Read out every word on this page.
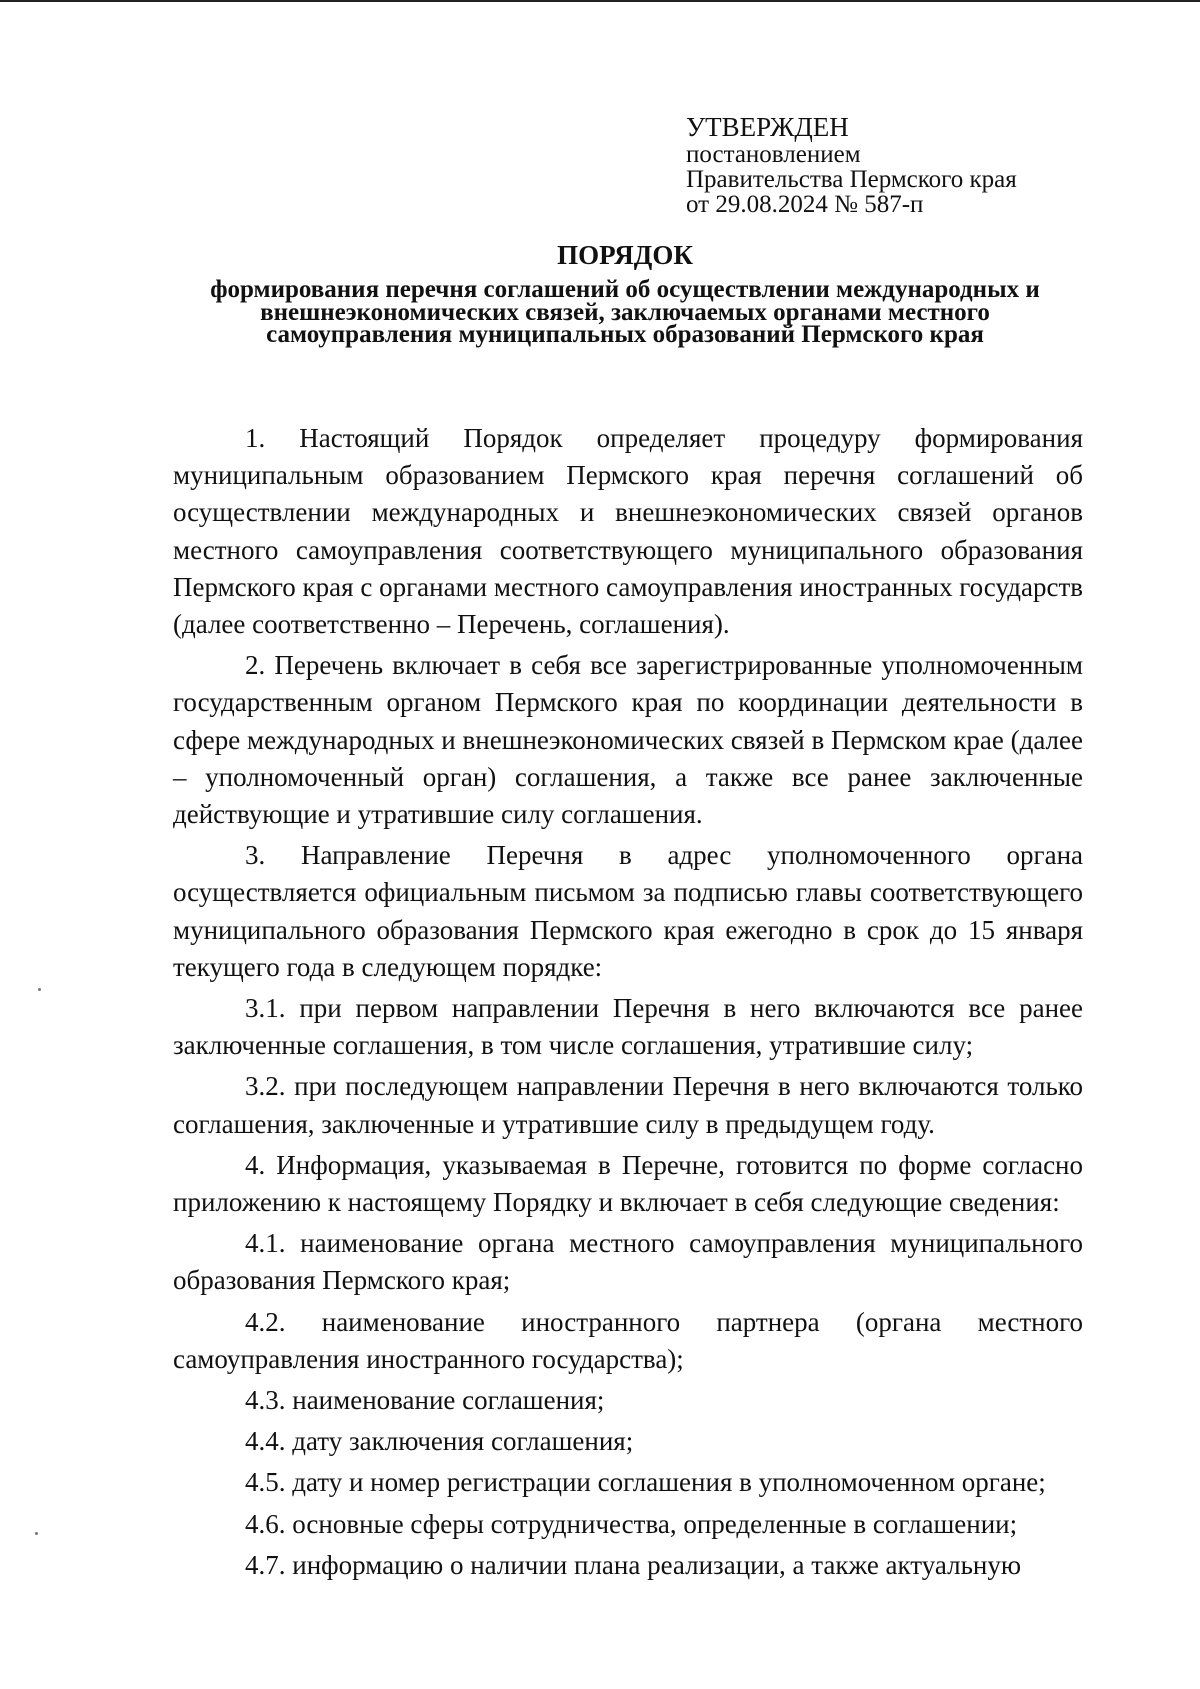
УТВЕРЖДЕН
постановлением
Правительства Пермского края
от 29.08.2024 № 587-п
ПОРЯДОК
формирования перечня соглашений об осуществлении международных и внешнеэкономических связей, заключаемых органами местного самоуправления муниципальных образований Пермского края

1. Настоящий Порядок определяет процедуру формирования муниципальным образованием Пермского края перечня соглашений об осуществлении международных и внешнеэкономических связей органов местного самоуправления соответствующего муниципального образования Пермского края с органами местного самоуправления иностранных государств (далее соответственно – Перечень, соглашения).

2. Перечень включает в себя все зарегистрированные уполномоченным государственным органом Пермского края по координации деятельности в сфере международных и внешнеэкономических связей в Пермском крае (далее – уполномоченный орган) соглашения, а также все ранее заключенные действующие и утратившие силу соглашения.

3. Направление Перечня в адрес уполномоченного органа осуществляется официальным письмом за подписью главы соответствующего муниципального образования Пермского края ежегодно в срок до 15 января текущего года в следующем порядке:

3.1. при первом направлении Перечня в него включаются все ранее заключенные соглашения, в том числе соглашения, утратившие силу;

3.2. при последующем направлении Перечня в него включаются только соглашения, заключенные и утратившие силу в предыдущем году.

4. Информация, указываемая в Перечне, готовится по форме согласно приложению к настоящему Порядку и включает в себя следующие сведения:

4.1. наименование органа местного самоуправления муниципального образования Пермского края;

4.2. наименование иностранного партнера (органа местного самоуправления иностранного государства);

4.3. наименование соглашения;

4.4. дату заключения соглашения;

4.5. дату и номер регистрации соглашения в уполномоченном органе;

4.6. основные сферы сотрудничества, определенные в соглашении;

4.7. информацию о наличии плана реализации, а также актуальную
